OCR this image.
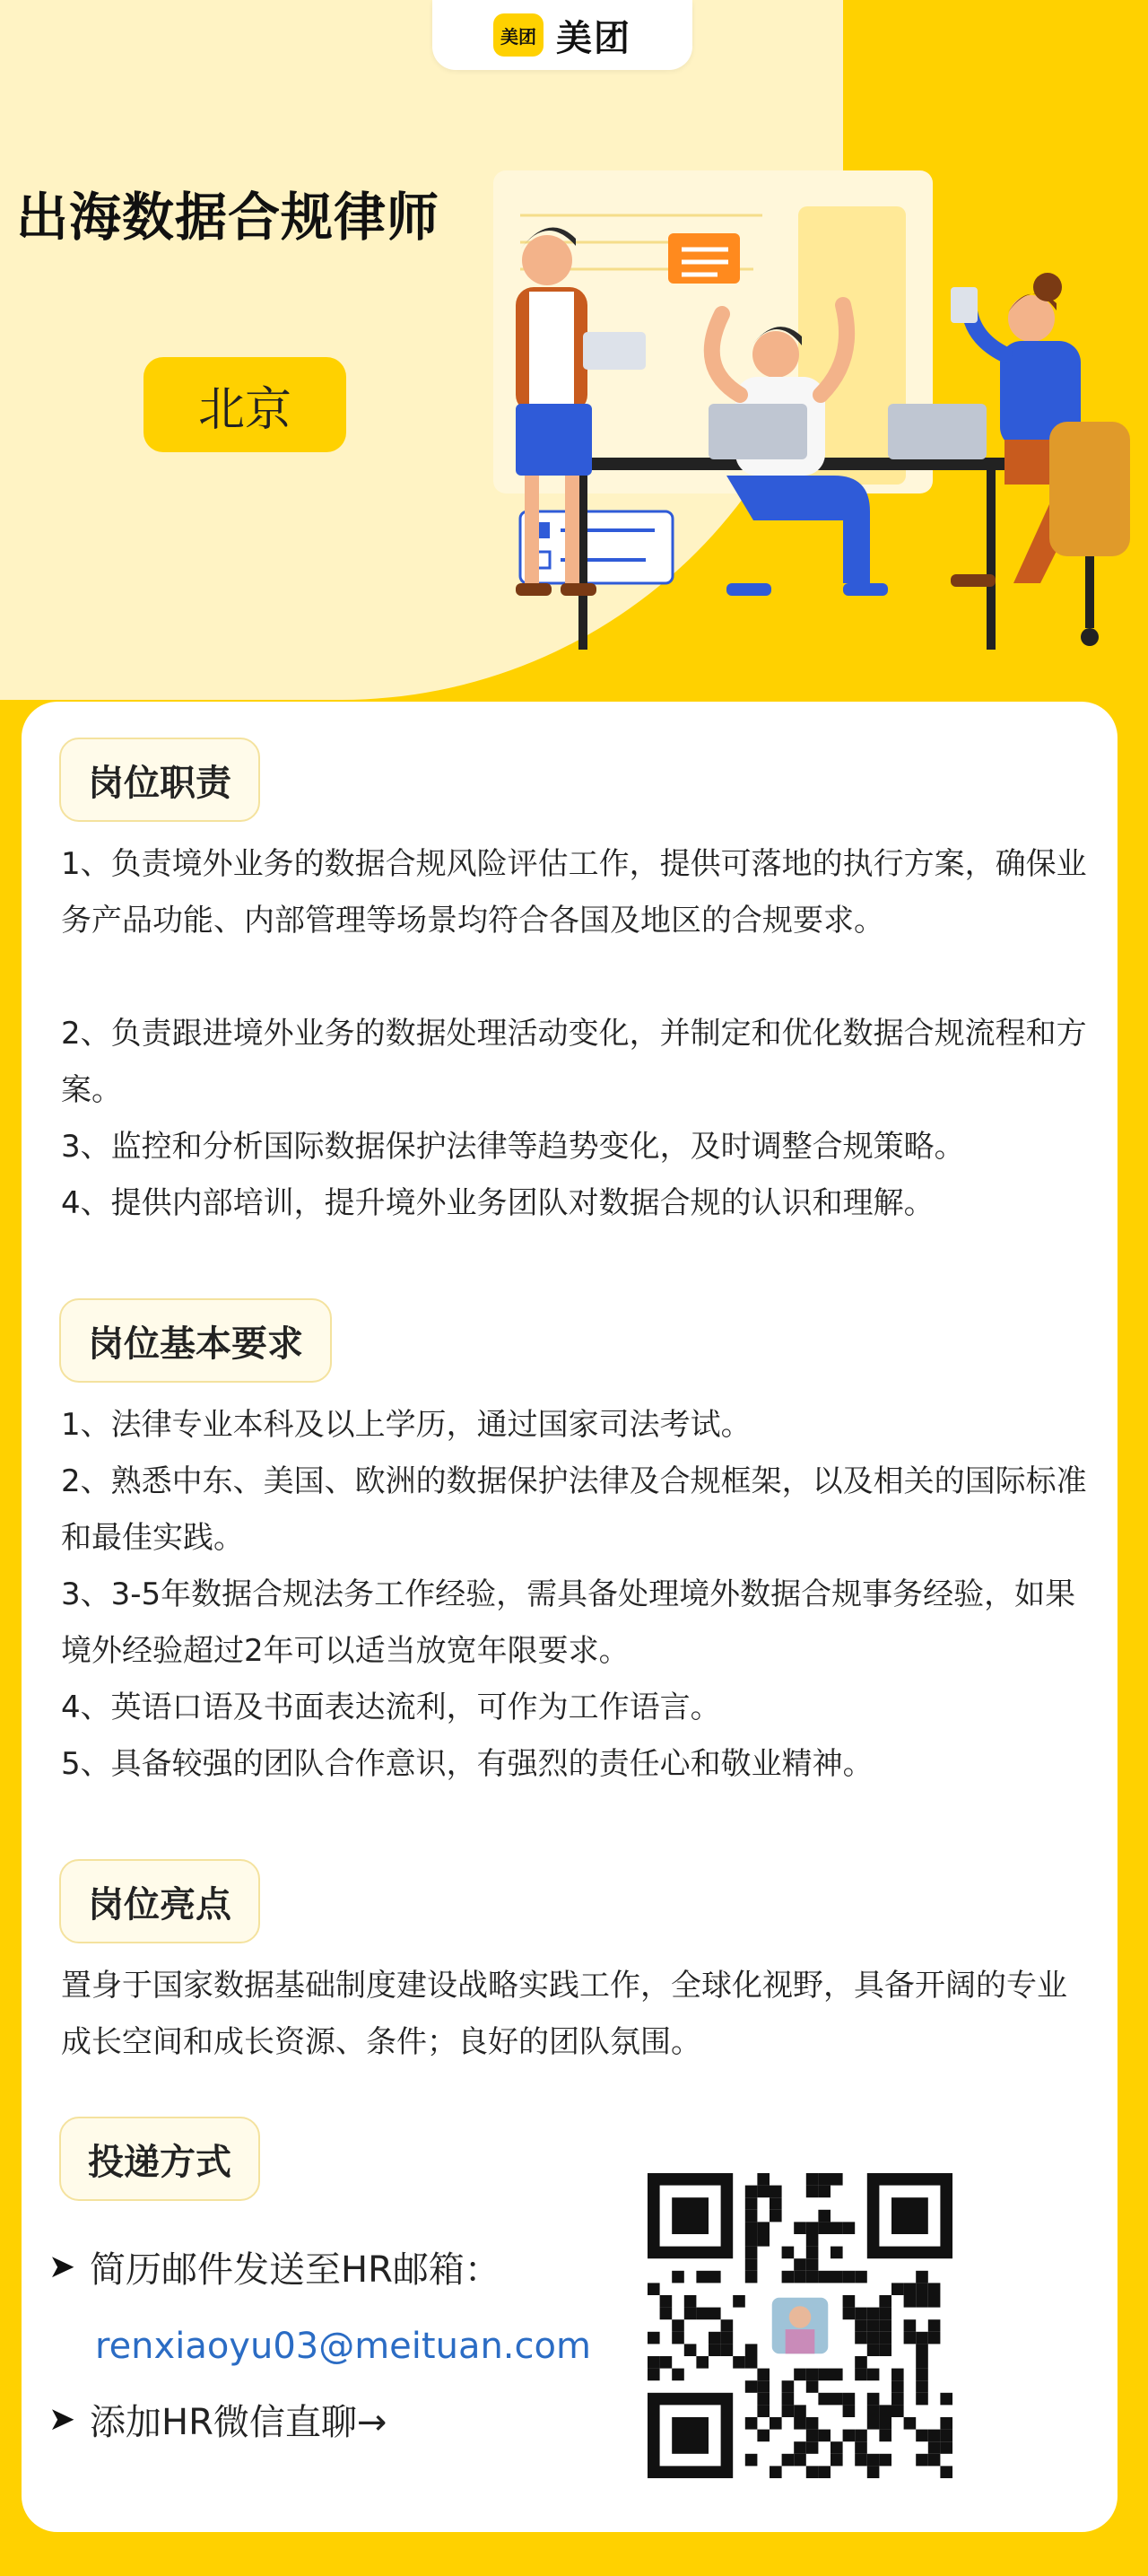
美团 美团
出海数据合规律师
北京
岗位职责
1、负责境外业务的数据合规风险评估工作，提供可落地的执行方案，确保业务产品功能、内部管理等场景均符合各国及地区的合规要求。
2、负责跟进境外业务的数据处理活动变化，并制定和优化数据合规流程和方案。
3、监控和分析国际数据保护法律等趋势变化，及时调整合规策略。
4、提供内部培训，提升境外业务团队对数据合规的认识和理解。
岗位基本要求
1、法律专业本科及以上学历，通过国家司法考试。
2、熟悉中东、美国、欧洲的数据保护法律及合规框架，以及相关的国际标准和最佳实践。
3、3-5年数据合规法务工作经验，需具备处理境外数据合规事务经验，如果境外经验超过2年可以适当放宽年限要求。
4、英语口语及书面表达流利，可作为工作语言。
5、具备较强的团队合作意识，有强烈的责任心和敬业精神。
岗位亮点
置身于国家数据基础制度建设战略实践工作，全球化视野，具备开阔的专业成长空间和成长资源、条件；良好的团队氛围。
投递方式
➤ 简历邮件发送至HR邮箱：
renxiaoyu03@meituan.com
➤ 添加HR微信直聊→
